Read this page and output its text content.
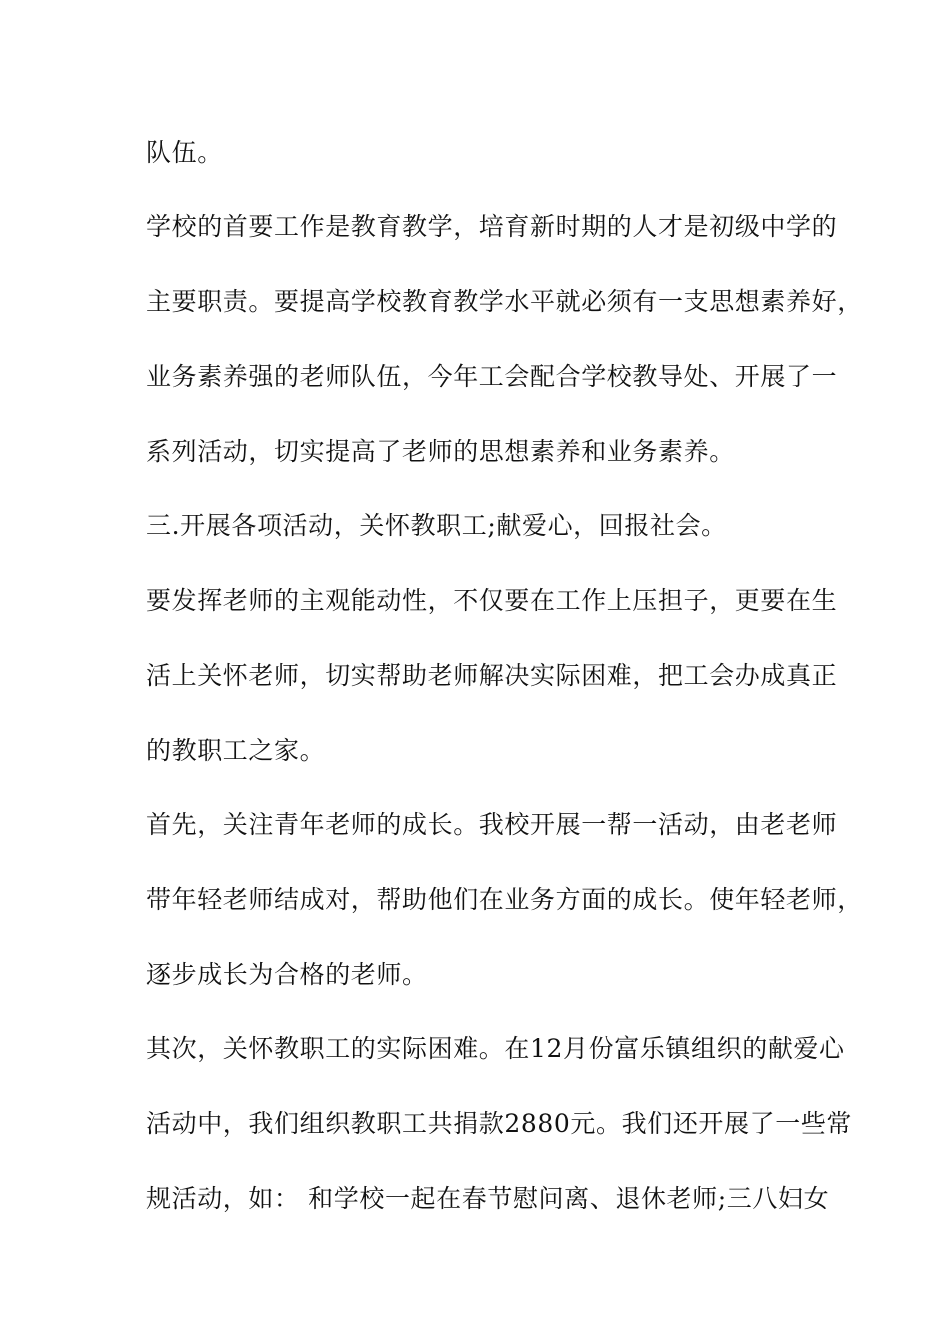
队伍。
学校的首要工作是教育教学，培育新时期的人才是初级中学的
主要职责。要提高学校教育教学水平就必须有一支思想素养好，
业务素养强的老师队伍，今年工会配合学校教导处、开展了一
系列活动，切实提高了老师的思想素养和业务素养。
三.开展各项活动，关怀教职工;献爱心，回报社会。
要发挥老师的主观能动性，不仅要在工作上压担子，更要在生
活上关怀老师，切实帮助老师解决实际困难，把工会办成真正
的教职工之家。
首先，关注青年老师的成长。我校开展一帮一活动，由老老师
带年轻老师结成对，帮助他们在业务方面的成长。使年轻老师，
逐步成长为合格的老师。
其次，关怀教职工的实际困难。在12月份富乐镇组织的献爱心
活动中，我们组织教职工共捐款2880元。我们还开展了一些常
规活动，如： 和学校一起在春节慰问离、退休老师;三八妇女
